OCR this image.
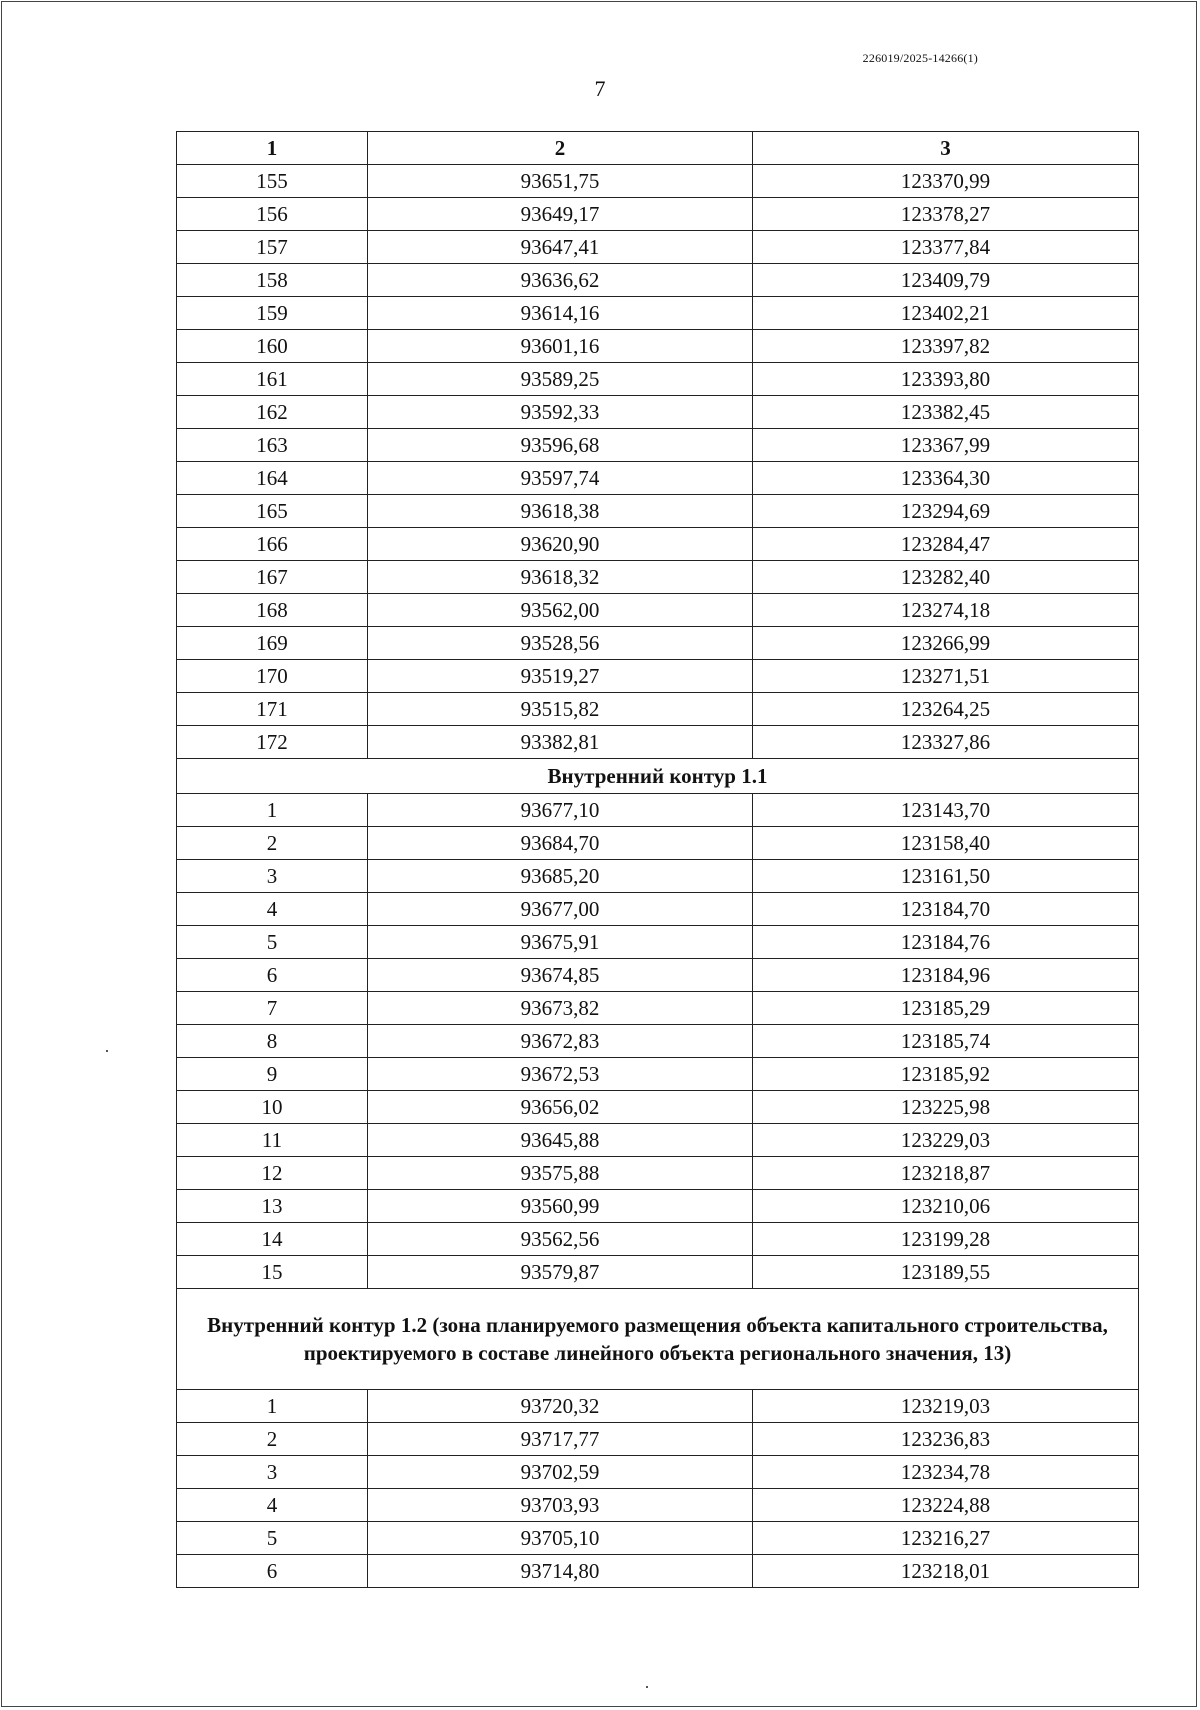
226019/2025-14266(1)
7
1	2	3
155	93651,75	123370,99
156	93649,17	123378,27
157	93647,41	123377,84
158	93636,62	123409,79
159	93614,16	123402,21
160	93601,16	123397,82
161	93589,25	123393,80
162	93592,33	123382,45
163	93596,68	123367,99
164	93597,74	123364,30
165	93618,38	123294,69
166	93620,90	123284,47
167	93618,32	123282,40
168	93562,00	123274,18
169	93528,56	123266,99
170	93519,27	123271,51
171	93515,82	123264,25
172	93382,81	123327,86
Внутренний контур 1.1		
1	93677,10	123143,70
2	93684,70	123158,40
3	93685,20	123161,50
4	93677,00	123184,70
5	93675,91	123184,76
6	93674,85	123184,96
7	93673,82	123185,29
8	93672,83	123185,74
9	93672,53	123185,92
10	93656,02	123225,98
11	93645,88	123229,03
12	93575,88	123218,87
13	93560,99	123210,06
14	93562,56	123199,28
15	93579,87	123189,55
Внутренний контур 1.2 (зона планируемого размещения объекта капитального строительства, проектируемого в составе линейного объекта регионального значения, 13)		
1	93720,32	123219,03
2	93717,77	123236,83
3	93702,59	123234,78
4	93703,93	123224,88
5	93705,10	123216,27
6	93714,80	123218,01
